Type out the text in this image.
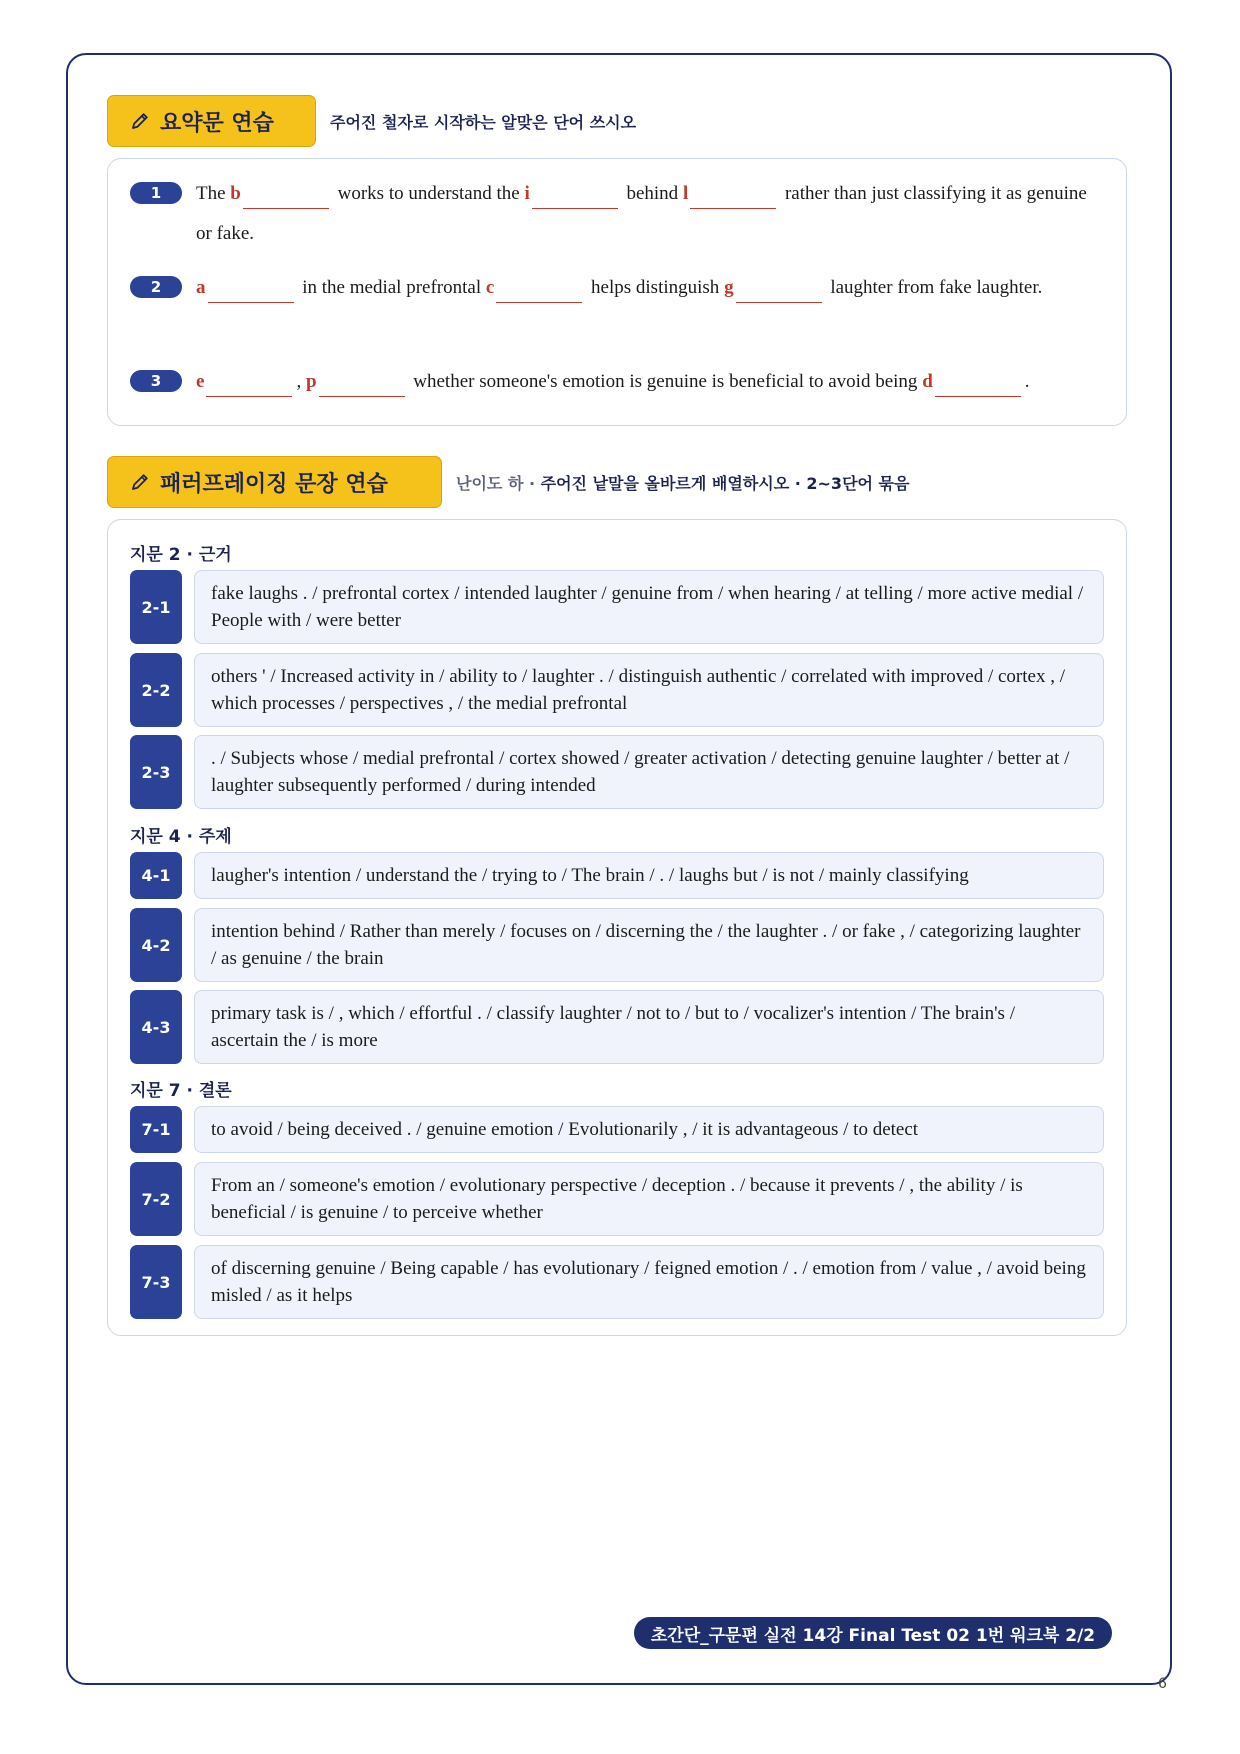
요약문 연습	주어진 철자로 시작하는 알맞은 단어 쓰시오
1	The b	works to understand the i	behind l	rather than just classifying it as genuine or fake.
2	a	in the medial prefrontal c	helps distinguish g	laughter from fake laughter.
3	e	, p	whether someone's emotion is genuine is beneficial to avoid being d	.
패러프레이징 문장 연습	난이도 하 · 주어진 낱말을 올바르게 배열하시오 · 2~3단어 묶음
지문 2 · 근거
2-1
fake laughs . / prefrontal cortex / intended laughter / genuine from / when hearing / at telling / more active medial / People with / were better
2-2
others ' / Increased activity in / ability to / laughter . / distinguish authentic / correlated with improved / cortex , / which processes / perspectives , / the medial prefrontal
2-3
. / Subjects whose / medial prefrontal / cortex showed / greater activation / detecting genuine laughter / better at / laughter subsequently performed / during intended
지문 4 · 주제
4-1	laugher's intention / understand the / trying to / The brain / . / laughs but / is not / mainly classifying
4-2
intention behind / Rather than merely / focuses on / discerning the / the laughter . / or fake , / categorizing laughter / as genuine / the brain
4-3
primary task is / , which / effortful . / classify laughter / not to / but to / vocalizer's intention / The brain's / ascertain the / is more
지문 7 · 결론
7-1	to avoid / being deceived . / genuine emotion / Evolutionarily , / it is advantageous / to detect
7-2
From an / someone's emotion / evolutionary perspective / deception . / because it prevents / , the ability / is beneficial / is genuine / to perceive whether
7-3
of discerning genuine / Being capable / has evolutionary / feigned emotion / . / emotion from / value , / avoid being misled / as it helps
초간단_구문편 실전 14강 Final Test 02 1번 워크북 2/2
6
